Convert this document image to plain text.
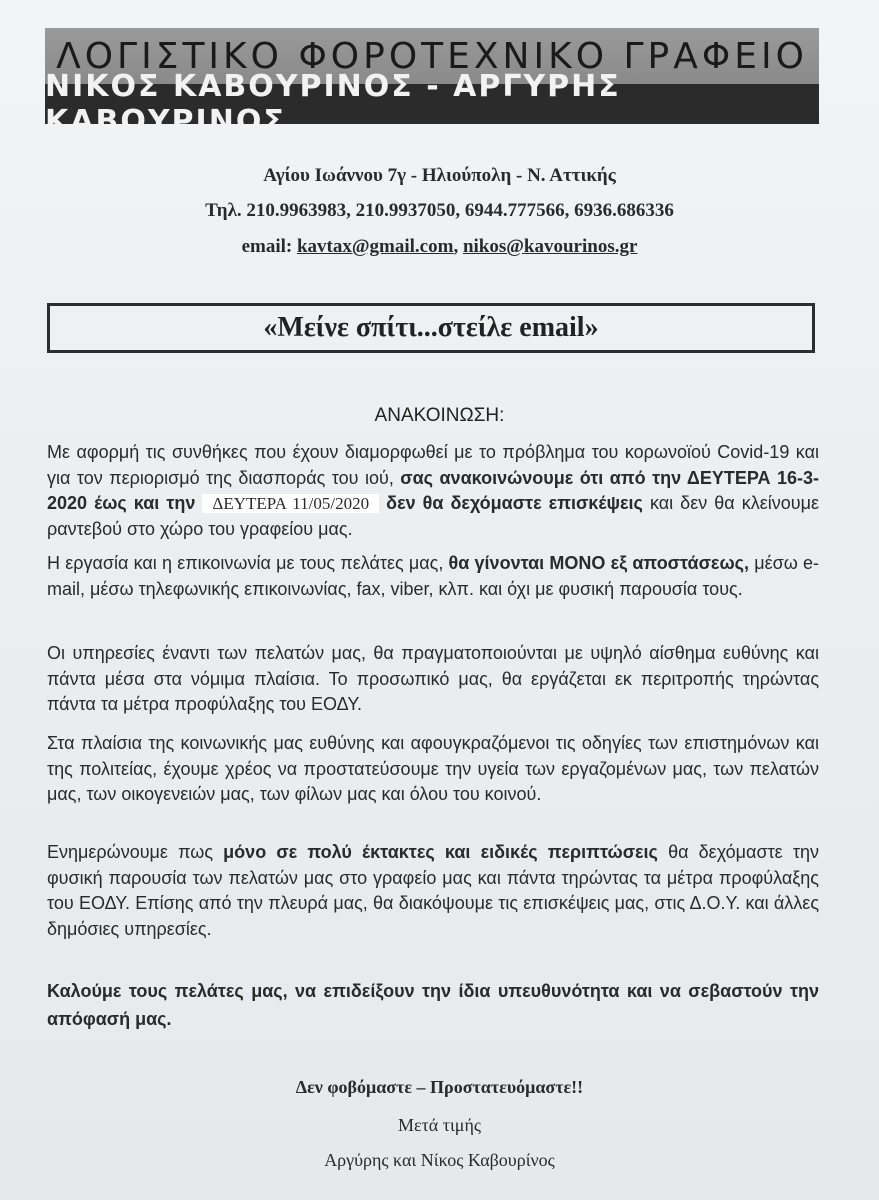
ΛΟΓΙΣΤΙΚΟ ΦΟΡΟΤΕΧΝΙΚΟ ΓΡΑΦΕΙΟ
ΝΙΚΟΣ ΚΑΒΟΥΡΙΝΟΣ - ΑΡΓΥΡΗΣ ΚΑΒΟΥΡΙΝΟΣ
Αγίου Ιωάννου 7γ - Ηλιούπολη - Ν. Αττικής
Τηλ. 210.9963983, 210.9937050, 6944.777566, 6936.686336
email: kavtax@gmail.com, nikos@kavourinos.gr
«Μείνε σπίτι...στείλε email»
ΑΝΑΚΟΙΝΩΣΗ:
Με αφορμή τις συνθήκες που έχουν διαμορφωθεί με το πρόβλημα του κορωνοϊού Covid-19 και για τον περιορισμό της διασποράς του ιού, σας ανακοινώνουμε ότι από την ΔΕΥΤΕΡΑ 16-3-2020 έως και την ΔΕΥΤΕΡΑ 11/05/2020 δεν θα δεχόμαστε επισκέψεις και δεν θα κλείνουμε ραντεβού στο χώρο του γραφείου μας.
Η εργασία και η επικοινωνία με τους πελάτες μας, θα γίνονται ΜΟΝΟ εξ αποστάσεως, μέσω e-mail, μέσω τηλεφωνικής επικοινωνίας, fax, viber, κλπ. και όχι με φυσική παρουσία τους.
Οι υπηρεσίες έναντι των πελατών μας, θα πραγματοποιούνται με υψηλό αίσθημα ευθύνης και πάντα μέσα στα νόμιμα πλαίσια. Το προσωπικό μας, θα εργάζεται εκ περιτροπής τηρώντας πάντα τα μέτρα προφύλαξης του ΕΟΔΥ.
Στα πλαίσια της κοινωνικής μας ευθύνης και αφουγκραζόμενοι τις οδηγίες των επιστημόνων και της πολιτείας, έχουμε χρέος να προστατεύσουμε την υγεία των εργαζομένων μας, των πελατών μας, των οικογενειών μας, των φίλων μας και όλου του κοινού.
Ενημερώνουμε πως μόνο σε πολύ έκτακτες και ειδικές περιπτώσεις θα δεχόμαστε την φυσική παρουσία των πελατών μας στο γραφείο μας και πάντα τηρώντας τα μέτρα προφύλαξης του ΕΟΔΥ. Επίσης από την πλευρά μας, θα διακόψουμε τις επισκέψεις μας, στις Δ.Ο.Υ. και άλλες δημόσιες υπηρεσίες.
Καλούμε τους πελάτες μας, να επιδείξουν την ίδια υπευθυνότητα και να σεβαστούν την απόφασή μας.
Δεν φοβόμαστε – Προστατευόμαστε!!
Μετά τιμής
Αργύρης και Νίκος Καβουρίνος
